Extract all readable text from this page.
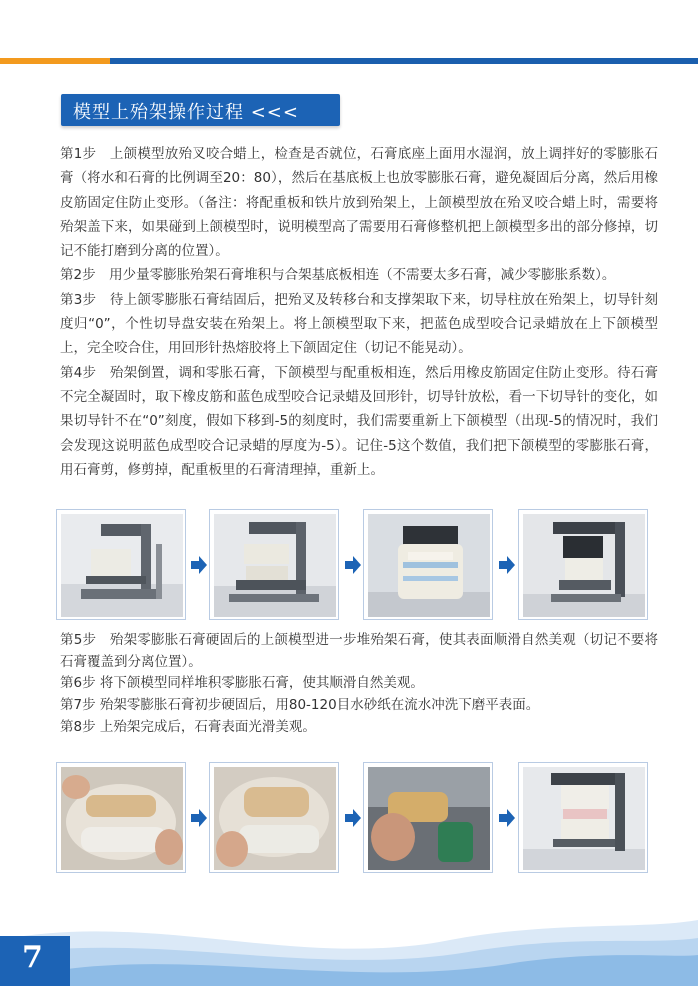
模型上殆架操作过程 <<<

第1步　上颌模型放殆叉咬合蜡上，检查是否就位，石膏底座上面用水湿润，放上调拌好的零膨胀石膏（将水和石膏的比例调至20：80），然后在基底板上也放零膨胀石膏，避免凝固后分离，然后用橡皮筋固定住防止变形。（备注：将配重板和铁片放到殆架上，上颌模型放在殆叉咬合蜡上时，需要将殆架盖下来，如果碰到上颌模型时，说明模型高了需要用石膏修整机把上颌模型多出的部分修掉，切记不能打磨到分离的位置）。

第2步　用少量零膨胀殆架石膏堆积与合架基底板相连（不需要太多石膏，减少零膨胀系数）。

第3步　待上颌零膨胀石膏结固后，把殆叉及转移台和支撑架取下来，切导柱放在殆架上，切导针刻度归“0”，个性切导盘安装在殆架上。将上颌模型取下来，把蓝色成型咬合记录蜡放在上下颌模型上，完全咬合住，用回形针热熔胶将上下颌固定住（切记不能晃动）。

第4步　殆架倒置，调和零胀石膏，下颌模型与配重板相连，然后用橡皮筋固定住防止变形。待石膏不完全凝固时，取下橡皮筋和蓝色成型咬合记录蜡及回形针，切导针放松，看一下切导针的变化，如果切导针不在“0”刻度，假如下移到-5的刻度时，我们需要重新上下颌模型（出现-5的情况时，我们会发现这说明蓝色成型咬合记录蜡的厚度为-5）。记住-5这个数值，我们把下颌模型的零膨胀石膏，用石膏剪，修剪掉，配重板里的石膏清理掉，重新上。

第5步　殆架零膨胀石膏硬固后的上颌模型进一步堆殆架石膏，使其表面顺滑自然美观（切记不要将石膏覆盖到分离位置）。

第6步 将下颌模型同样堆积零膨胀石膏，使其顺滑自然美观。

第7步 殆架零膨胀石膏初步硬固后，用80-120目水砂纸在流水冲洗下磨平表面。

第8步 上殆架完成后，石膏表面光滑美观。

7
